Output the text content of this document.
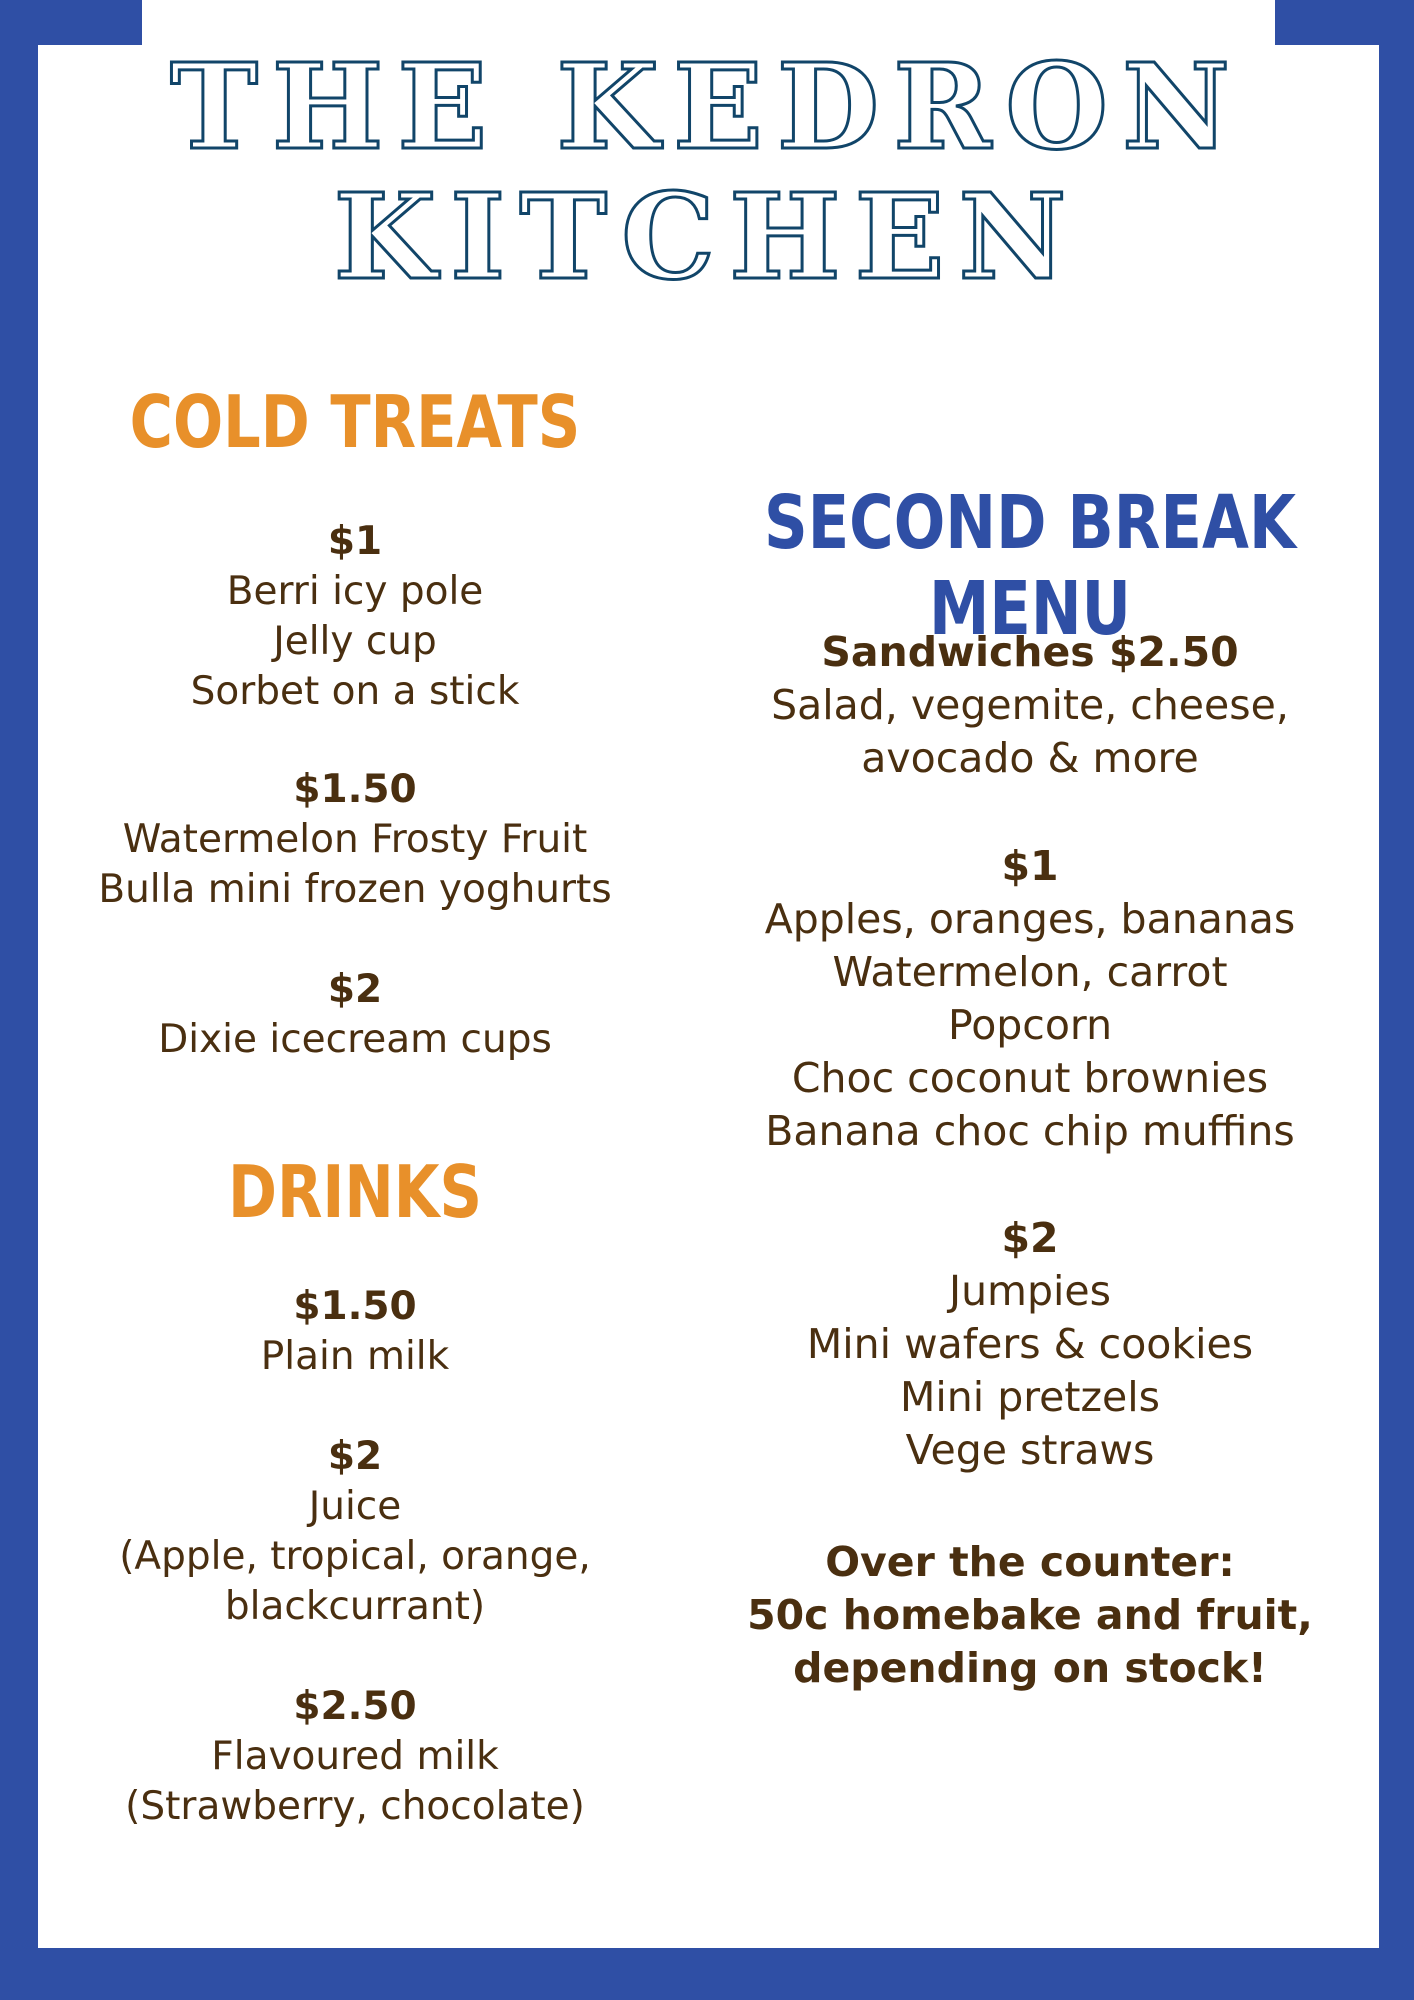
THE KEDRON
KITCHEN
COLD TREATS
$1
Berri icy pole
Jelly cup
Sorbet on a stick
$1.50
Watermelon Frosty Fruit
Bulla mini frozen yoghurts
$2
Dixie icecream cups
DRINKS
$1.50
Plain milk
$2
Juice
(Apple, tropical, orange,
blackcurrant)
$2.50
Flavoured milk
(Strawberry, chocolate)
SECOND BREAK MENU
Sandwiches $2.50
Salad, vegemite, cheese,
avocado & more
$1
Apples, oranges, bananas
Watermelon, carrot
Popcorn
Choc coconut brownies
Banana choc chip muffins
$2
Jumpies
Mini wafers & cookies
Mini pretzels
Vege straws
Over the counter:
50c homebake and fruit,
depending on stock!
